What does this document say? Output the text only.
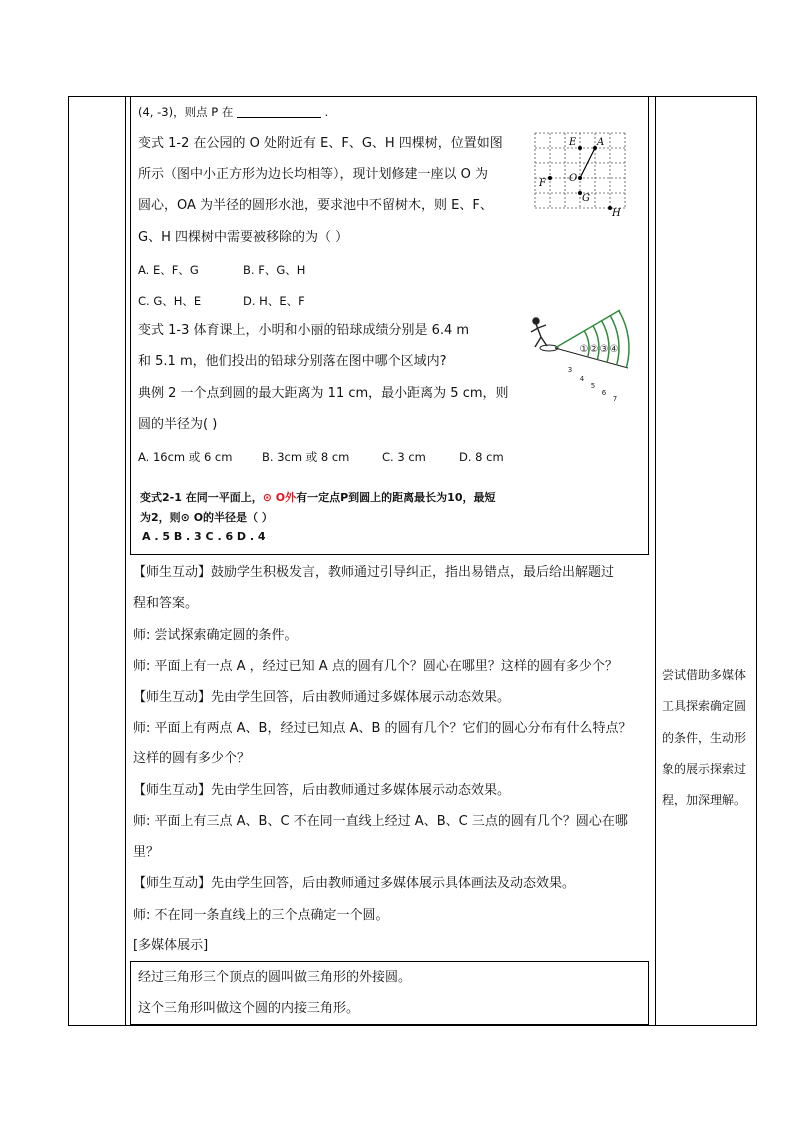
(4, -3)，则点 P 在	.
变式 1-2 在公园的 O 处附近有 E、F、G、H 四棵树，位置如图
所示（图中小正方形为边长均相等），现计划修建一座以 O 为
圆心，OA 为半径的圆形水池，要求池中不留树木，则 E、F、
G、H 四棵树中需要被移除的为（ ）
A. E、F、G	B. F、G、H
C. G、H、E	D. H、E、F
E A
F O
G
H
变式 1-3 体育课上，小明和小丽的铅球成绩分别是 6.4 m
和 5.1 m，他们投出的铅球分别落在图中哪个区域内?
① ② ③ ④
3
4
5
6
7
典例 2 一个点到圆的最大距离为 11 cm，最小距离为 5 cm，则
圆的半径为( )
A. 16cm 或 6 cm	B. 3cm 或 8 cm	C. 3 cm	D. 8 cm
变式2-1 在同一平面上，⊙ O外有一定点P到圆上的距离最长为10，最短
为2，则⊙ O的半径是（ ）
A . 5 B . 3 C . 6 D . 4
【师生互动】鼓励学生积极发言，教师通过引导纠正，指出易错点，最后给出解题过
程和答案。
师: 尝试探索确定圆的条件。
师: 平面上有一点 A ，经过已知 A 点的圆有几个？圆心在哪里？这样的圆有多少个？
【师生互动】先由学生回答，后由教师通过多媒体展示动态效果。
师: 平面上有两点 A、B，经过已知点 A、B 的圆有几个？它们的圆心分布有什么特点？
这样的圆有多少个？
【师生互动】先由学生回答，后由教师通过多媒体展示动态效果。
师: 平面上有三点 A、B、C 不在同一直线上经过 A、B、C 三点的圆有几个？圆心在哪
里？
【师生互动】先由学生回答，后由教师通过多媒体展示具体画法及动态效果。
师: 不在同一条直线上的三个点确定一个圆。
[多媒体展示]
经过三角形三个顶点的圆叫做三角形的外接圆。
这个三角形叫做这个圆的内接三角形。
尝试借助多媒体
工具探索确定圆
的条件，生动形
象的展示探索过
程，加深理解。
